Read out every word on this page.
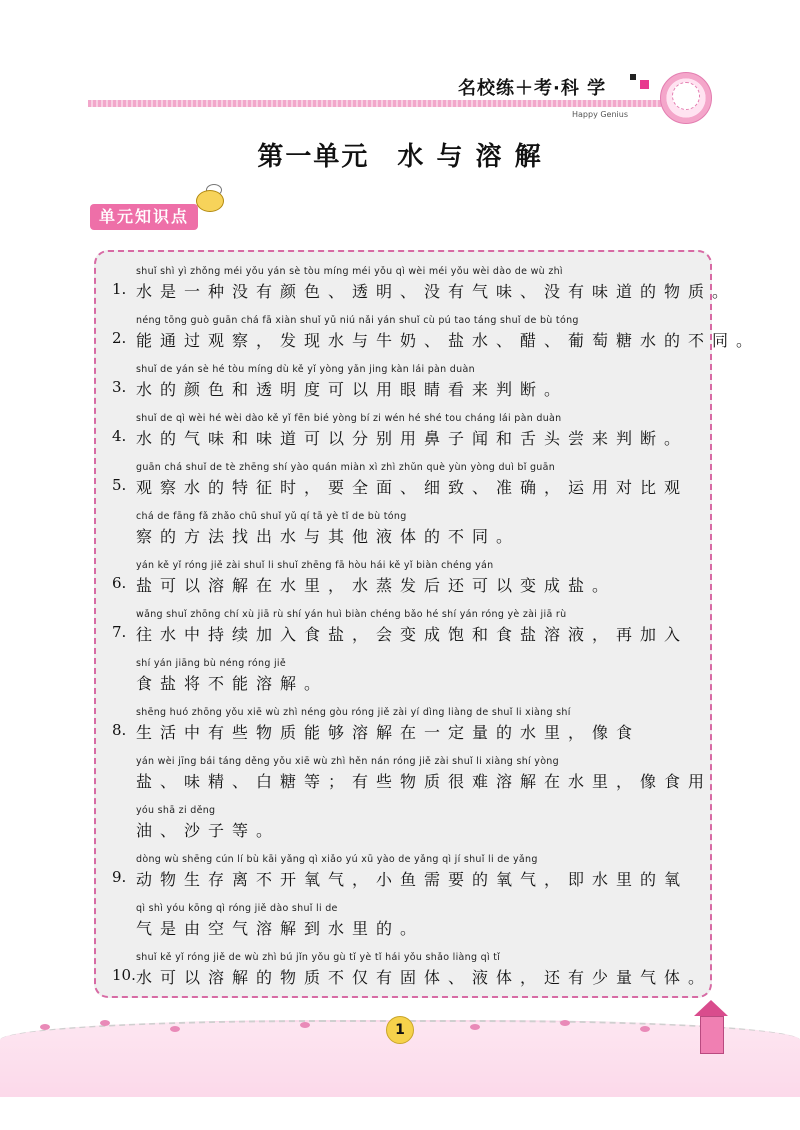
名校练＋考·科 学
Happy Genius
第一单元　水 与 溶 解
单元知识点
shuǐ shì yì zhǒng méi yǒu yán sè tòu míng méi yǒu qì wèi méi yǒu wèi dào de wù zhì
1. 水是一种没有颜色、透明、没有气味、没有味道的物质。
néng tōng guò guān chá fā xiàn shuǐ yǔ niú nǎi yán shuǐ cù pú tao táng shuǐ de bù tóng
2. 能通过观察，发现水与牛奶、盐水、醋、葡萄糖水的不同。
shuǐ de yán sè hé tòu míng dù kě yǐ yòng yǎn jing kàn lái pàn duàn
3. 水的颜色和透明度可以用眼睛看来判断。
shuǐ de qì wèi hé wèi dào kě yǐ fēn bié yòng bí zi wén hé shé tou cháng lái pàn duàn
4. 水的气味和味道可以分别用鼻子闻和舌头尝来判断。
guān chá shuǐ de tè zhēng shí yào quán miàn xì zhì zhǔn què yùn yòng duì bǐ guān
5. 观察水的特征时，要全面、细致、准确，运用对比观
chá de fāng fǎ zhǎo chū shuǐ yǔ qí tā yè tǐ de bù tóng
察的方法找出水与其他液体的不同。
yán kě yǐ róng jiě zài shuǐ li shuǐ zhēng fā hòu hái kě yǐ biàn chéng yán
6. 盐可以溶解在水里，水蒸发后还可以变成盐。
wǎng shuǐ zhōng chí xù jiā rù shí yán huì biàn chéng bǎo hé shí yán róng yè zài jiā rù
7. 往水中持续加入食盐，会变成饱和食盐溶液，再加入
shí yán jiāng bù néng róng jiě
食盐将不能溶解。
shēng huó zhōng yǒu xiē wù zhì néng gòu róng jiě zài yí dìng liàng de shuǐ li xiàng shí
8. 生活中有些物质能够溶解在一定量的水里，像食
yán wèi jīng bái táng děng yǒu xiē wù zhì hěn nán róng jiě zài shuǐ li xiàng shí yòng
盐、味精、白糖等；有些物质很难溶解在水里，像食用
yóu shā zi děng
油、沙子等。
dòng wù shēng cún lí bù kāi yǎng qì xiǎo yú xū yào de yǎng qì jí shuǐ li de yǎng
9. 动物生存离不开氧气，小鱼需要的氧气，即水里的氧
qì shì yóu kōng qì róng jiě dào shuǐ li de
气是由空气溶解到水里的。
shuǐ kě yǐ róng jiě de wù zhì bú jǐn yǒu gù tǐ yè tǐ hái yǒu shǎo liàng qì tǐ
10. 水可以溶解的物质不仅有固体、液体，还有少量气体。
1
